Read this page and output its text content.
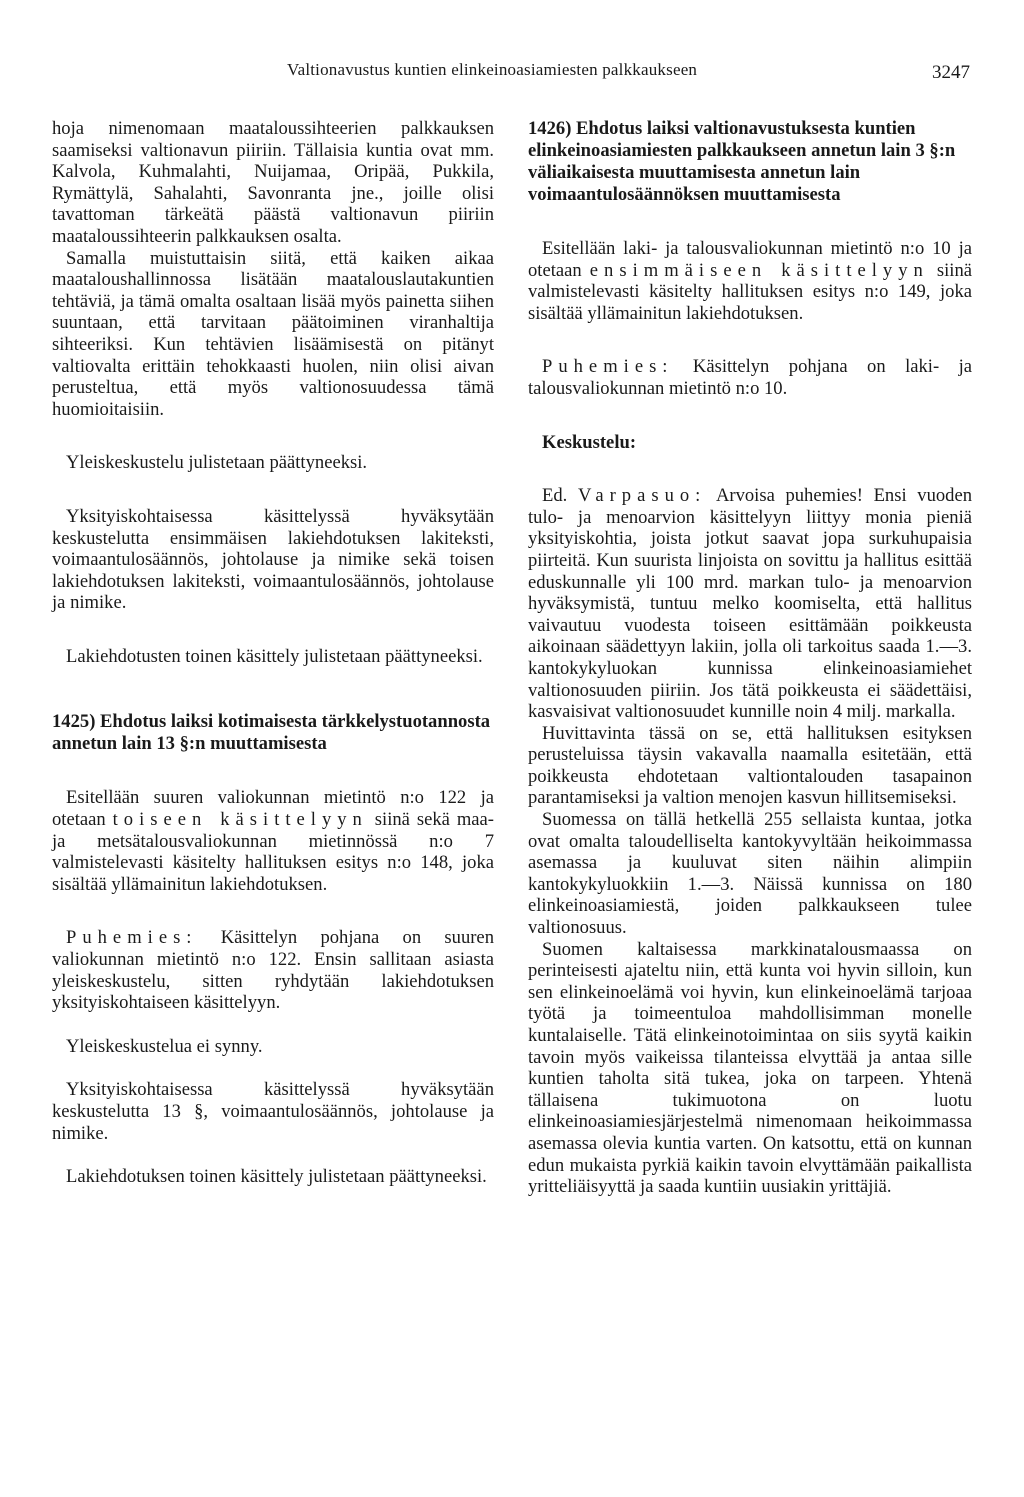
Valtionavustus kuntien elinkeinoasiamiesten palkkaukseen	3247

hoja nimenomaan maataloussihteerien palkkauksen saamiseksi valtionavun piiriin. Tällaisia kuntia ovat mm. Kalvola, Kuhmalahti, Nuijamaa, Oripää, Pukkila, Rymättylä, Sahalahti, Savonranta jne., joille olisi tavattoman tärkeätä päästä valtionavun piiriin maataloussihteerin palkkauksen osalta.

Samalla muistuttaisin siitä, että kaiken aikaa maataloushallinnossa lisätään maatalouslautakuntien tehtäviä, ja tämä omalta osaltaan lisää myös painetta siihen suuntaan, että tarvitaan päätoiminen viranhaltija sihteeriksi. Kun tehtävien lisäämisestä on pitänyt valtiovalta erittäin tehokkaasti huolen, niin olisi aivan perusteltua, että myös valtionosuudessa tämä huomioitaisiin.

Yleiskeskustelu julistetaan päättyneeksi.

Yksityiskohtaisessa käsittelyssä hyväksytään keskustelutta ensimmäisen lakiehdotuksen lakiteksti, voimaantulosäännös, johtolause ja nimike sekä toisen lakiehdotuksen lakiteksti, voimaantulosäännös, johtolause ja nimike.

Lakiehdotusten toinen käsittely julistetaan päättyneeksi.

1425) Ehdotus laiksi kotimaisesta tärkkelystuotannosta annetun lain 13 §:n muuttamisesta

Esitellään suuren valiokunnan mietintö n:o 122 ja otetaan toiseen käsittelyyn siinä sekä maa- ja metsätalousvaliokunnan mietinnössä n:o 7 valmistelevasti käsitelty hallituksen esitys n:o 148, joka sisältää yllämainitun lakiehdotuksen.

Puhemies: Käsittelyn pohjana on suuren valiokunnan mietintö n:o 122. Ensin sallitaan asiasta yleiskeskustelu, sitten ryhdytään lakiehdotuksen yksityiskohtaiseen käsittelyyn.

Yleiskeskustelua ei synny.

Yksityiskohtaisessa käsittelyssä hyväksytään keskustelutta 13 §, voimaantulosäännös, johtolause ja nimike.

Lakiehdotuksen toinen käsittely julistetaan päättyneeksi.

1426) Ehdotus laiksi valtionavustuksesta kuntien elinkeinoasiamiesten palkkaukseen annetun lain 3 §:n väliaikaisesta muuttamisesta annetun lain voimaantulosäännöksen muuttamisesta

Esitellään laki- ja talousvaliokunnan mietintö n:o 10 ja otetaan ensimmäiseen käsittelyyn siinä valmistelevasti käsitelty hallituksen esitys n:o 149, joka sisältää yllämainitun lakiehdotuksen.

Puhemies: Käsittelyn pohjana on laki- ja talousvaliokunnan mietintö n:o 10.

Keskustelu:

Ed. Varpasuo: Arvoisa puhemies! Ensi vuoden tulo- ja menoarvion käsittelyyn liittyy monia pieniä yksityiskohtia, joista jotkut saavat jopa surkuhupaisia piirteitä. Kun suurista linjoista on sovittu ja hallitus esittää eduskunnalle yli 100 mrd. markan tulo- ja menoarvion hyväksymistä, tuntuu melko koomiselta, että hallitus vaivautuu vuodesta toiseen esittämään poikkeusta aikoinaan säädettyyn lakiin, jolla oli tarkoitus saada 1.—3. kantokykyluokan kunnissa elinkeinoasiamiehet valtionosuuden piiriin. Jos tätä poikkeusta ei säädettäisi, kasvaisivat valtionosuudet kunnille noin 4 milj. markalla.

Huvittavinta tässä on se, että hallituksen esityksen perusteluissa täysin vakavalla naamalla esitetään, että poikkeusta ehdotetaan valtiontalouden tasapainon parantamiseksi ja valtion menojen kasvun hillitsemiseksi.

Suomessa on tällä hetkellä 255 sellaista kuntaa, jotka ovat omalta taloudelliselta kantokyvyltään heikoimmassa asemassa ja kuuluvat siten näihin alimpiin kantokykyluokkiin 1.—3. Näissä kunnissa on 180 elinkeinoasiamiestä, joiden palkkaukseen tulee valtionosuus.

Suomen kaltaisessa markkinatalousmaassa on perinteisesti ajateltu niin, että kunta voi hyvin silloin, kun sen elinkeinoelämä voi hyvin, kun elinkeinoelämä tarjoaa työtä ja toimeentuloa mahdollisimman monelle kuntalaiselle. Tätä elinkeinotoimintaa on siis syytä kaikin tavoin myös vaikeissa tilanteissa elvyttää ja antaa sille kuntien taholta sitä tukea, joka on tarpeen. Yhtenä tällaisena tukimuotona on luotu elinkeinoasiamiesjärjestelmä nimenomaan heikoimmassa asemassa olevia kuntia varten. On katsottu, että on kunnan edun mukaista pyrkiä kaikin tavoin elvyttämään paikallista yritteliäisyyttä ja saada kuntiin uusiakin yrittäjiä.
